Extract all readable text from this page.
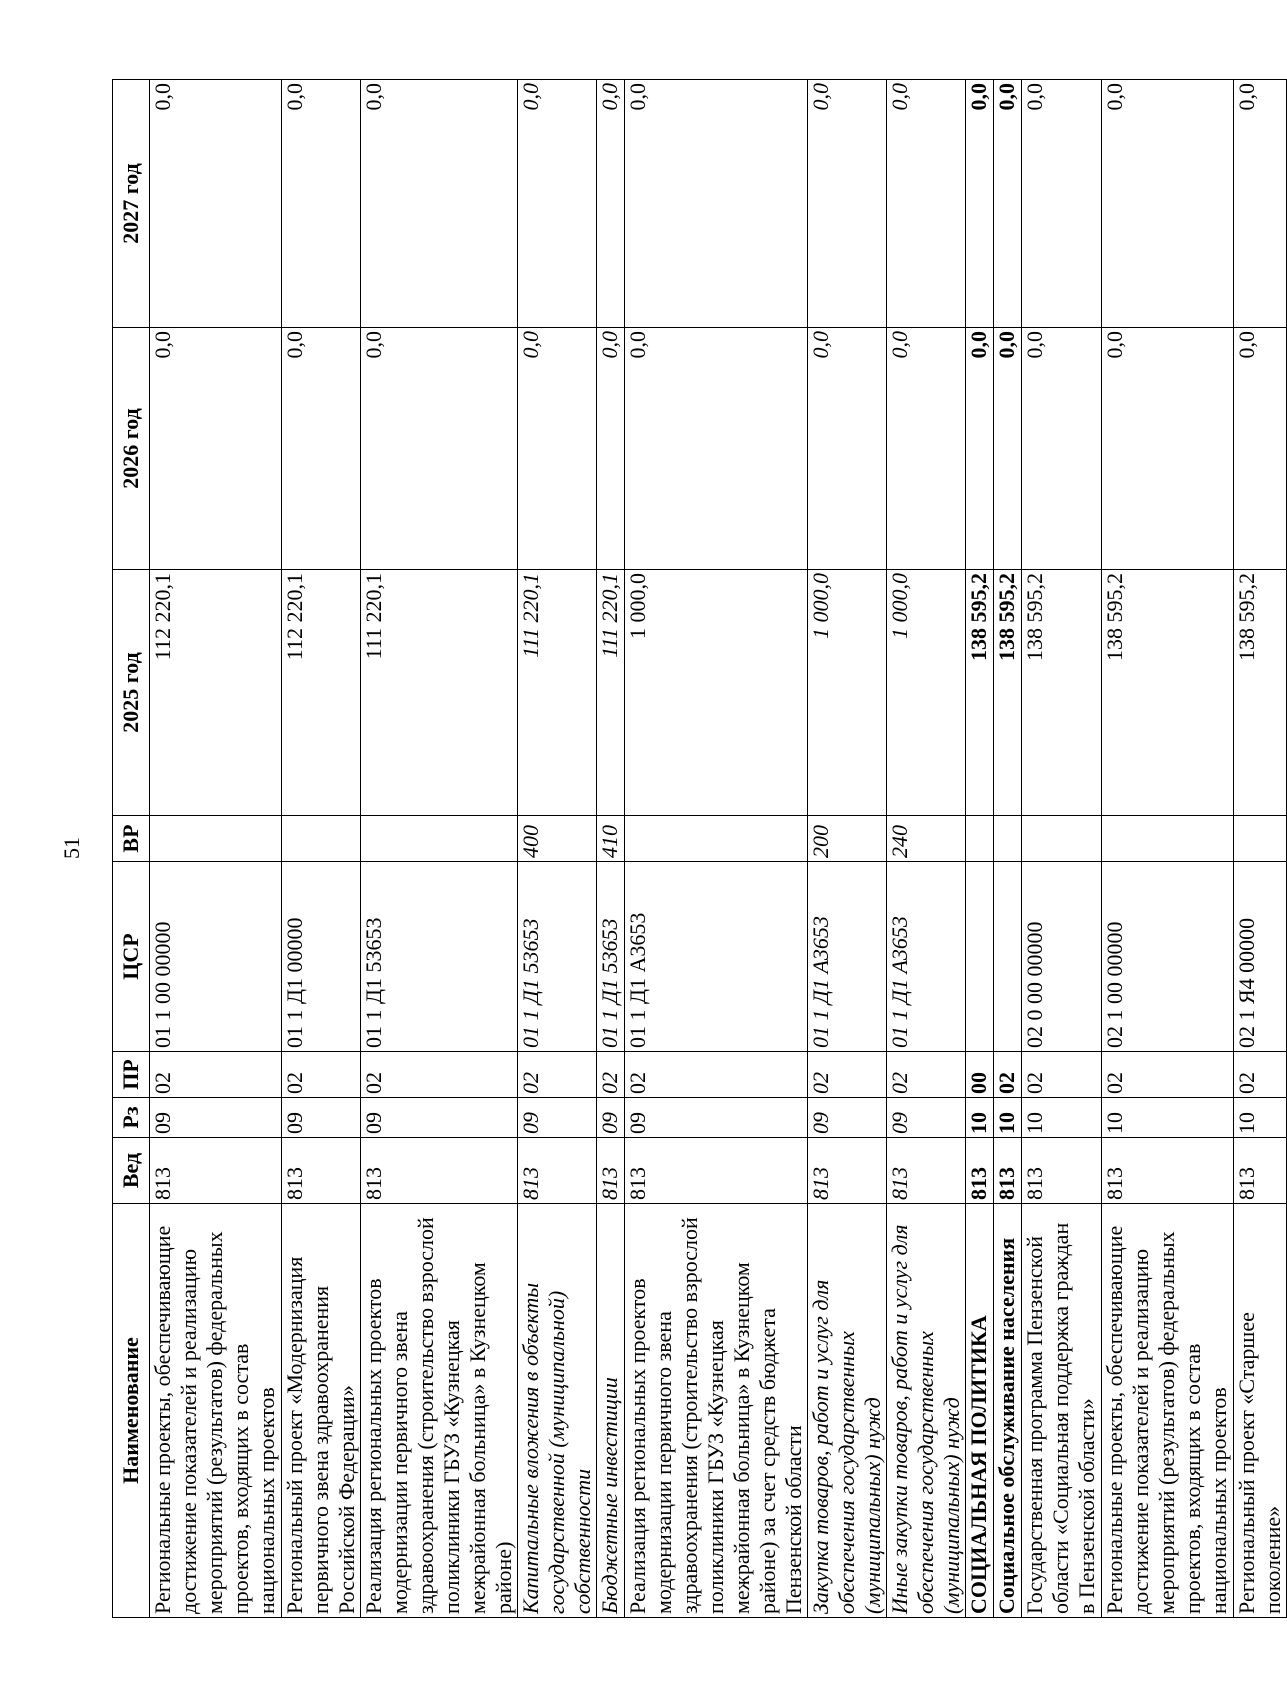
51
Наименование	Вед	Рз	ПР	ЦСР	ВР	2025 год	2026 год	2027 год
Региональные проекты, обеспечивающие достижение показателей и реализацию мероприятий (результатов) федеральных проектов, входящих в состав национальных проектов	813	09	02	01 1 00 00000		112 220,1	0,0	0,0
Региональный проект «Модернизация первичного звена здравоохранения Российской Федерации»	813	09	02	01 1 Д1 00000		112 220,1	0,0	0,0
Реализация региональных проектов модернизации первичного звена здравоохранения (строительство взрослой поликлиники ГБУЗ «Кузнецкая межрайонная больница» в Кузнецком районе)	813	09	02	01 1 Д1 53653		111 220,1	0,0	0,0
Капитальные вложения в объекты государственной (муниципальной) собственности	813	09	02	01 1 Д1 53653	400	111 220,1	0,0	0,0
Бюджетные инвестиции	813	09	02	01 1 Д1 53653	410	111 220,1	0,0	0,0
Реализация региональных проектов модернизации первичного звена здравоохранения (строительство взрослой поликлиники ГБУЗ «Кузнецкая межрайонная больница» в Кузнецком районе) за счет средств бюджета Пензенской области	813	09	02	01 1 Д1 А3653		1 000,0	0,0	0,0
Закупка товаров, работ и услуг для обеспечения государственных (муниципальных) нужд	813	09	02	01 1 Д1 А3653	200	1 000,0	0,0	0,0
Иные закупки товаров, работ и услуг для обеспечения государственных (муниципальных) нужд	813	09	02	01 1 Д1 А3653	240	1 000,0	0,0	0,0
СОЦИАЛЬНАЯ ПОЛИТИКА	813	10	00			138 595,2	0,0	0,0
Социальное обслуживание населения	813	10	02			138 595,2	0,0	0,0
Государственная программа Пензенской области «Социальная поддержка граждан в Пензенской области»	813	10	02	02 0 00 00000		138 595,2	0,0	0,0
Региональные проекты, обеспечивающие достижение показателей и реализацию мероприятий (результатов) федеральных проектов, входящих в состав национальных проектов	813	10	02	02 1 00 00000		138 595,2	0,0	0,0
Региональный проект «Старшее поколение»	813	10	02	02 1 Я4 00000		138 595,2	0,0	0,0
